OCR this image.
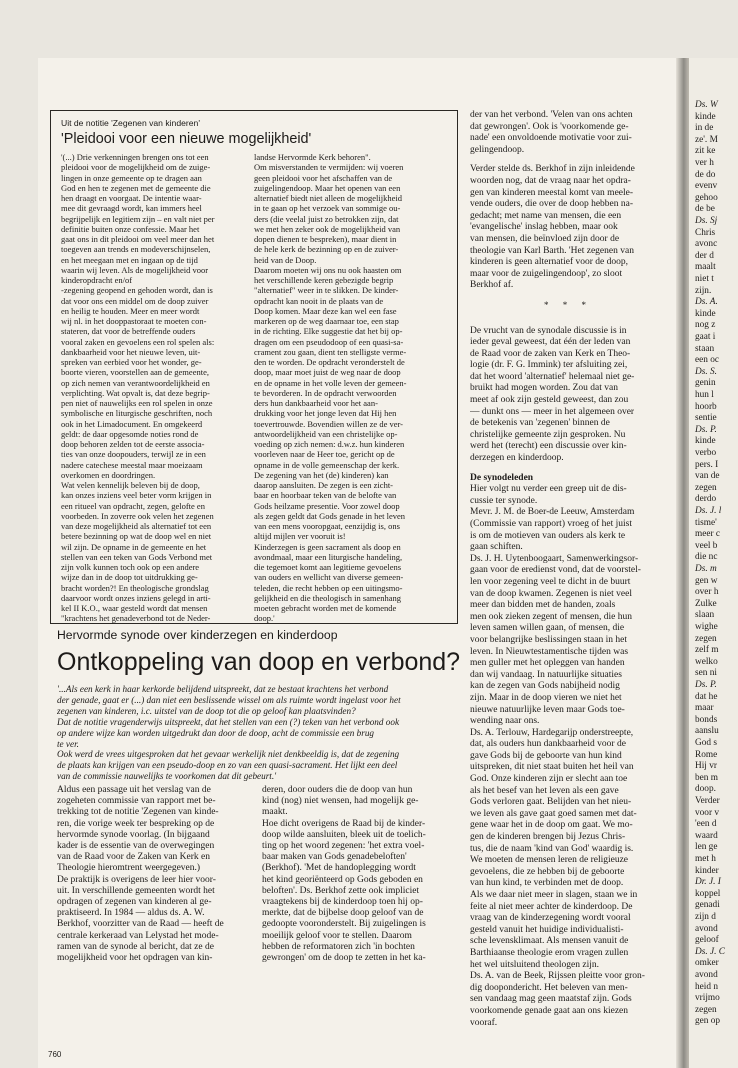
Ds. W
kinde
in de
ze'. M
zit ke
ver h
de do
evenv
gehoo
de be
Ds. Sj
Chris
avonc
der d
maalt
niet t
zijn.
Ds. A.
kinde
nog z
gaat i
staan
een oc
Ds. S.
genin
hun l
hoorb
sentie
Ds. P.
kinde
verbo
pers. I
van de
zegen
derdo
Ds. J. l
tisme'
meer c
veel b
die nc
Ds. m
gen w
over h
Zulke
slaan
wighe
zegen
zelf m
welko
sen ni
Ds. P.
dat he
maar
bonds
aanslu
God s
Rome
Hij vr
ben m
doop.
Verder
voor v
'een d
waard
len ge
met h
kinder
Dr. J. I
koppel
genadi
zijn d
avond
geloof
Ds. J. C
omker
avond
heid n
vrijmo
zegen
gen op
Uit de notitie 'Zegenen van kinderen'
'Pleidooi voor een nieuwe mogelijkheid'
'(...) Drie verkenningen brengen ons tot een
pleidooi voor de mogelijkheid om de zuige-
lingen in onze gemeente op te dragen aan
God en hen te zegenen met de gemeente die
hen draagt en voorgaat. De intentie waar-
mee dit gevraagd wordt, kan immers heel
begrijpelijk en legitiem zijn – en valt niet per
definitie buiten onze confessie. Maar het
gaat ons in dit pleidooi om veel meer dan het
toegeven aan trends en modeverschijnselen,
en het meegaan met en ingaan op de tijd
waarin wij leven. Als de mogelijkheid voor
kinderopdracht en/of
-zegening geopend en gehoden wordt, dan is
dat voor ons een middel om de doop zuiver
en heilig te houden. Meer en meer wordt
wij nl. in het dooppastoraat te moeten con-
stateren, dat voor de betreffende ouders
vooral zaken en gevoelens een rol spelen als:
dankbaarheid voor het nieuwe leven, uit-
spreken van eerbied voor het wonder, ge-
boorte vieren, voorstellen aan de gemeente,
op zich nemen van verantwoordelijkheid en
verplichting. Wat opvalt is, dat deze begrip-
pen niet of nauwelijks een rol spelen in onze
symbolische en liturgische geschriften, noch
ook in het Limadocument. En omgekeerd
geldt: de daar opgesomde noties rond de
doop behoren zelden tot de eerste associa-
ties van onze doopouders, terwijl ze in een
nadere catechese meestal maar moeizaam
overkomen en doordringen.
Wat velen kennelijk beleven bij de doop,
kan onzes inziens veel beter vorm krijgen in
een ritueel van opdracht, zegen, gelofte en
voorbeden. In zoverre ook velen het zegenen
van deze mogelijkheid als alternatief tot een
betere bezinning op wat de doop wel en niet
wil zijn. De opname in de gemeente en het
stellen van een teken van Gods Verbond met
zijn volk kunnen toch ook op een andere
wijze dan in de doop tot uitdrukking ge-
bracht worden?! En theologische grondslag
daarvoor wordt onzes inziens gelegd in arti-
kel II K.O., waar gesteld wordt dat mensen
"krachtens het genadeverbond tot de Neder-
landse Hervormde Kerk behoren".
Om misverstanden te vermijden: wij voeren
geen pleidooi voor het afschaffen van de
zuigelingendoop. Maar het openen van een
alternatief biedt niet alleen de mogelijkheid
in te gaan op het verzoek van sommige ou-
ders (die veelal juist zo betrokken zijn, dat
we met hen zeker ook de mogelijkheid van
dopen dienen te bespreken), maar dient in
de hele kerk de bezinning op en de zuiver-
heid van de Doop.
Daarom moeten wij ons nu ook haasten om
het verschillende keren gebezigde begrip
"alternatief" weer in te slikken. De kinder-
opdracht kan nooit in de plaats van de
Doop komen. Maar deze kan wel een fase
markeren op de weg daarnaar toe, een stap
in de richting. Elke suggestie dat het bij op-
dragen om een pseudodoop of een quasi-sa-
crament zou gaan, dient ten stelligste verme-
den te worden. De opdracht veronderstelt de
doop, maar moet juist de weg naar de doop
en de opname in het volle leven der gemeen-
te bevorderen. In de opdracht verwoorden
ders hun dankbaarheid voor het aan-
drukking voor het jonge leven dat Hij hen
toevertrouwde. Bovendien willen ze de ver-
antwoordelijkheid van een christelijke op-
voeding op zich nemen: d.w.z. hun kinderen
voorleven naar de Heer toe, gericht op de
opname in de volle gemeenschap der kerk.
De zegening van het (de) kinderen) kan
daarop aansluiten. De zegen is een zicht-
baar en hoorbaar teken van de belofte van
Gods heilzame presentie. Voor zowel doop
als zegen geldt dat Gods genade in het leven
van een mens vooropgaat, eenzijdig is, ons
altijd mijlen ver vooruit is!
Kinderzegen is geen sacrament als doop en
avondmaal, maar een liturgische handeling,
die tegemoet komt aan legitieme gevoelens
van ouders en wellicht van diverse gemeen-
teleden, die recht hebben op een uitingsmo-
gelijkheid en die theologisch in samenhang
moeten gebracht worden met de komende
doop.'

der van het verbond. 'Velen van ons achten
dat gewrongen'. Ook is 'voorkomende ge-
nade' een onvoldoende motivatie voor zui-
gelingendoop.

Verder stelde ds. Berkhof in zijn inleidende
woorden nog, dat de vraag naar het opdra-
gen van kinderen meestal komt van meele-
vende ouders, die over de doop hebben na-
gedacht; met name van mensen, die een
'evangelische' inslag hebben, maar ook
van mensen, die beïnvloed zijn door de
theologie van Karl Barth. 'Het zegenen van
kinderen is geen alternatief voor de doop,
maar voor de zuigelingendoop', zo sloot
Berkhof af.

* * *

De vrucht van de synodale discussie is in
ieder geval geweest, dat één der leden van
de Raad voor de zaken van Kerk en Theo-
logie (dr. F. G. Immink) ter afsluiting zei,
dat het woord 'alternatief' helemaal niet ge-
bruikt had mogen worden. Zou dat van
meet af ook zijn gesteld geweest, dan zou
— dunkt ons — meer in het algemeen over
de betekenis van 'zegenen' binnen de
christelijke gemeente zijn gesproken. Nu
werd het (terecht) een discussie over kin-
derzegen en kinderdoop.

De synodeleden

Hier volgt nu verder een greep uit de dis-
cussie ter synode.
Mevr. J. M. de Boer-de Leeuw, Amsterdam
(Commissie van rapport) vroeg of het juist
is om de motieven van ouders als kerk te
gaan schiften.
Ds. J. H. Uytenboogaart, Samenwerkingsor-
gaan voor de eredienst vond, dat de voorstel-
len voor zegening veel te dicht in de buurt
van de doop kwamen. Zegenen is niet veel
meer dan bidden met de handen, zoals
men ook zieken zegent of mensen, die hun
leven samen willen gaan, of mensen, die
voor belangrijke beslissingen staan in het
leven. In Nieuwtestamentische tijden was
men guller met het opleggen van handen
dan wij vandaag. In natuurlijke situaties
kan de zegen van Gods nabijheid nodig
zijn. Maar in de doop vieren we niet het
nieuwe natuurlijke leven maar Gods toe-
wending naar ons.
Ds. A. Terlouw, Hardegarijp onderstreepte,
dat, als ouders hun dankbaarheid voor de
gave Gods bij de geboorte van hun kind
uitspreken, dit niet staat buiten het heil van
God. Onze kinderen zijn er slecht aan toe
als het besef van het leven als een gave
Gods verloren gaat. Belijden van het nieu-
we leven als gave gaat goed samen met dat-
gene waar het in de doop om gaat. We mo-
gen de kinderen brengen bij Jezus Chris-
tus, die de naam 'kind van God' waardig is.
We moeten de mensen leren de religieuze
gevoelens, die ze hebben bij de geboorte
van hun kind, te verbinden met de doop.
Als we daar niet meer in slagen, staan we in
feite al niet meer achter de kinderdoop. De
vraag van de kinderzegening wordt vooral
gesteld vanuit het huidige individualisti-
sche levensklimaat. Als mensen vanuit de
Barthiaanse theologie erom vragen zullen
het wel uitsluitend theologen zijn.
Ds. A. van de Beek, Rijssen pleitte voor gron-
dig doopondericht. Het beleven van men-
sen vandaag mag geen maatstaf zijn. Gods
voorkomende genade gaat aan ons kiezen
vooraf.

Hervormde synode over kinderzegen en kinderdoop
Ontkoppeling van doop en verbond?
'...Als een kerk in haar kerkorde belijdend uitspreekt, dat ze bestaat krachtens het verbond
der genade, gaat er (...) dan niet een beslissende wissel om als ruimte wordt ingelast voor het
zegenen van kinderen, i.c. uitstel van de doop tot die op geloof kan plaatsvinden?
Dat de notitie vragenderwijs uitspreekt, dat het stellen van een (?) teken van het verbond ook
op andere wijze kan worden uitgedrukt dan door de doop, acht de commissie een brug
te ver.
Ook werd de vrees uitgesproken dat het gevaar werkelijk niet denkbeeldig is, dat de zegening
de plaats kan krijgen van een pseudo-doop en zo van een quasi-sacrament. Het lijkt een deel
van de commissie nauwelijks te voorkomen dat dit gebeurt.'
Aldus een passage uit het verslag van de
zogeheten commissie van rapport met be-
trekking tot de notitie 'Zegenen van kinde-
ren, die vorige week ter bespreking op de
hervormde synode voorlag. (In bijgaand
kader is de essentie van de overwegingen
van de Raad voor de Zaken van Kerk en
Theologie hieromtrent weergegeven.)
De praktijk is overigens de leer hier voor-
uit. In verschillende gemeenten wordt het
opdragen of zegenen van kinderen al ge-
praktiseerd. In 1984 — aldus ds. A. W.
Berkhof, voorzitter van de Raad — heeft de
centrale kerkeraad van Lelystad het mode-
ramen van de synode al bericht, dat ze de
mogelijkheid voor het opdragen van kin-
deren, door ouders die de doop van hun
kind (nog) niet wensen, had mogelijk ge-
maakt.
Hoe dicht overigens de Raad bij de kinder-
doop wilde aansluiten, bleek uit de toelich-
ting op het woord zegenen: 'het extra voel-
baar maken van Gods genadebeloften'
(Berkhof). 'Met de handoplegging wordt
het kind georiënteerd op Gods geboden en
beloften'. Ds. Berkhof zette ook impliciet
vraagtekens bij de kinderdoop toen hij op-
merkte, dat de bijbelse doop geloof van de
gedoopte vooronderstelt. Bij zuigelingen is
moeilijk geloof voor te stellen. Daarom
hebben de reformatoren zich 'in bochten
gewrongen' om de doop te zetten in het ka-
760
